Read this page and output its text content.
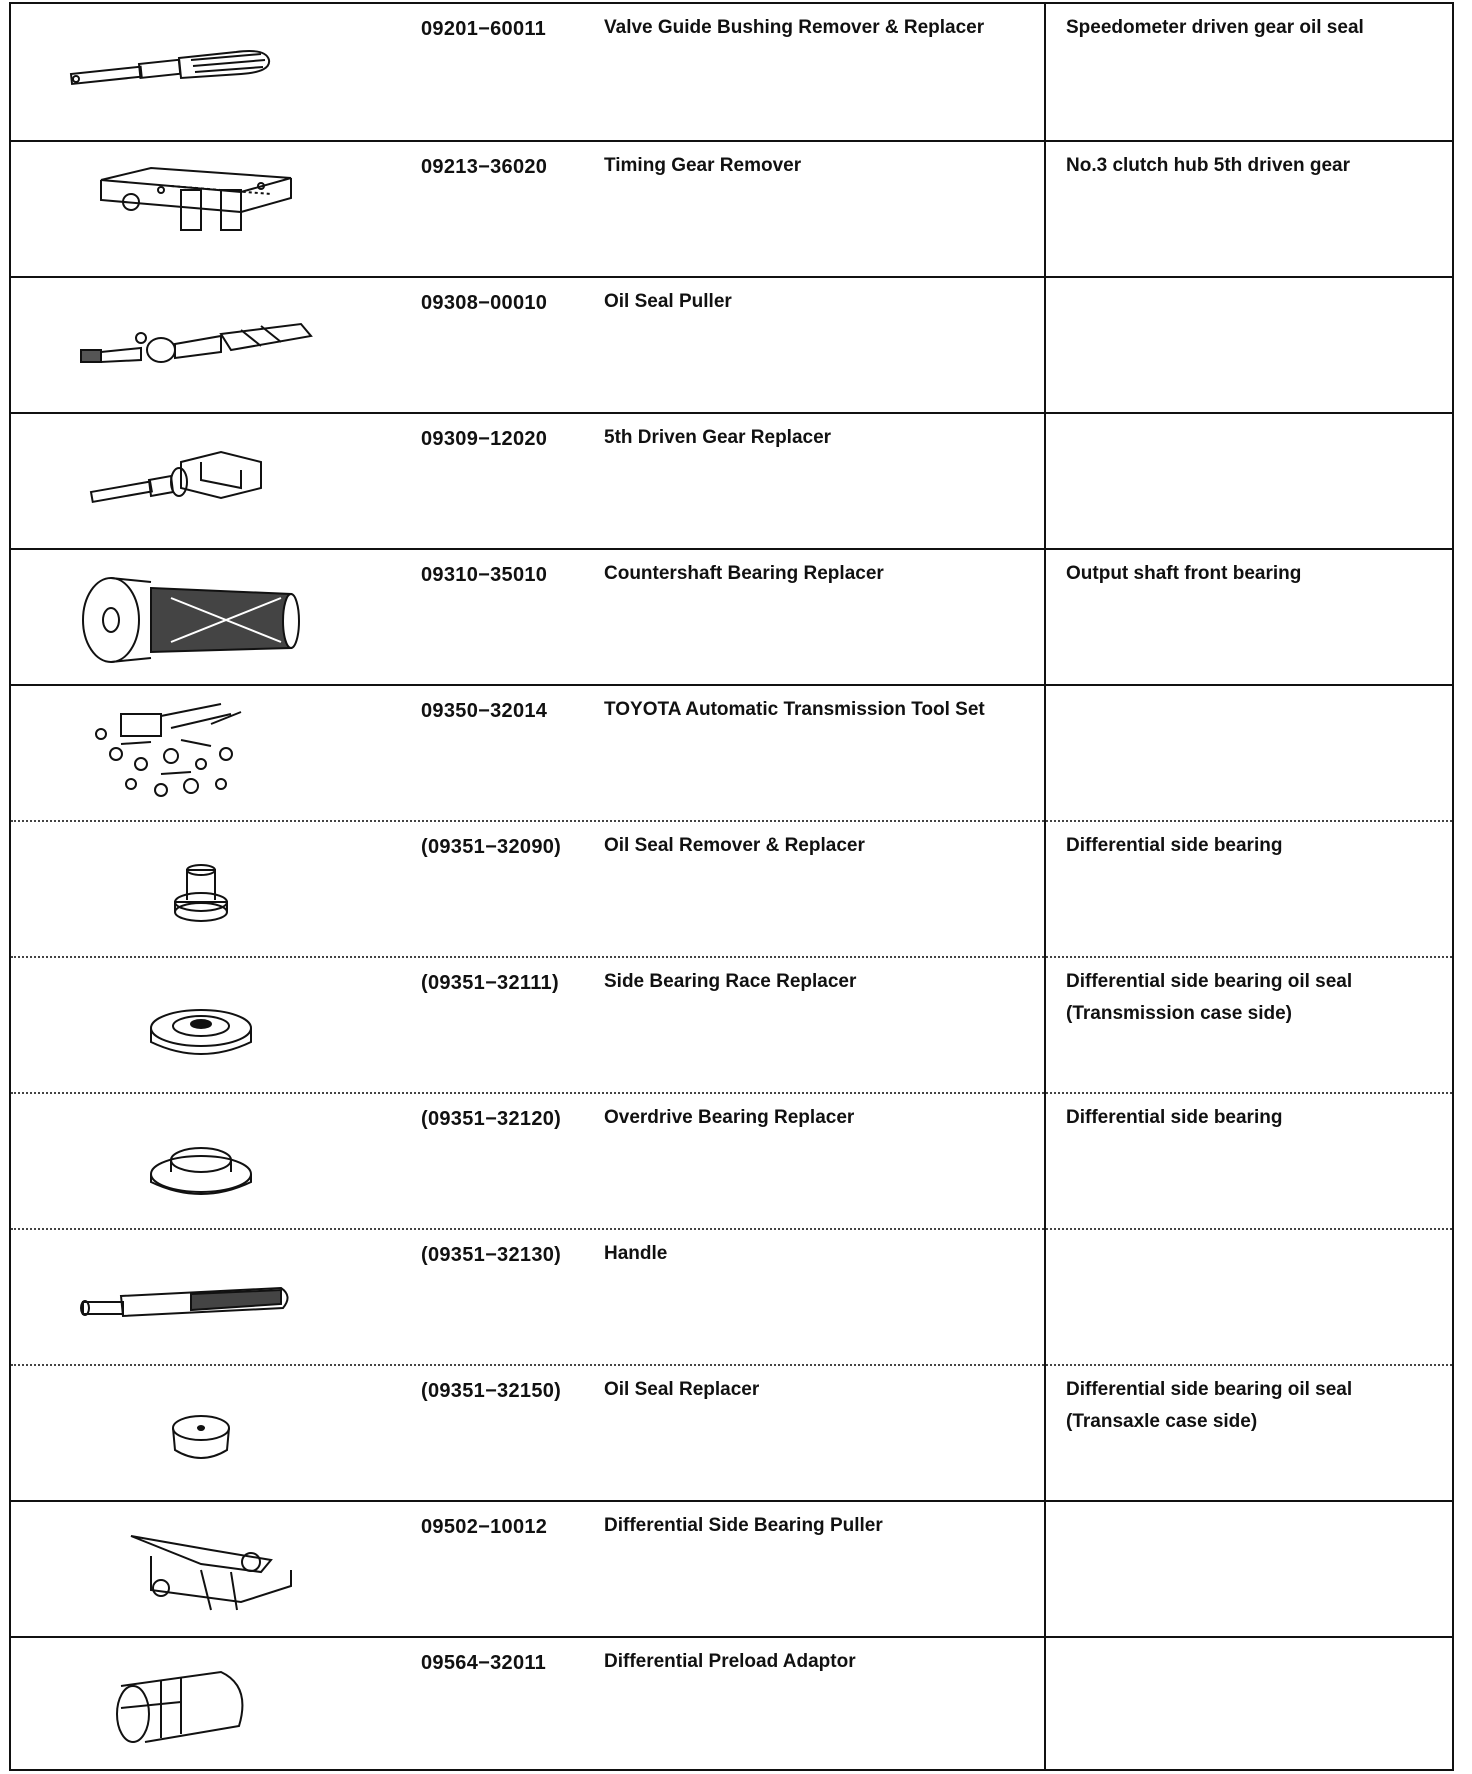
09201−60011	Valve Guide Bushing Remover & Replacer	Speedometer driven gear oil seal
09213−36020	Timing Gear Remover	No.3 clutch hub 5th driven gear
09308−00010	Oil Seal Puller
09309−12020	5th Driven Gear Replacer
09310−35010	Countershaft Bearing Replacer	Output shaft front bearing
09350−32014	TOYOTA Automatic Transmission Tool Set
(09351−32090) Oil Seal Remover & Replacer	Differential side bearing
(09351−32111) Side Bearing Race Replacer	Differential side bearing oil seal (Transmission case side)
(09351−32120) Overdrive Bearing Replacer	Differential side bearing
(09351−32130) Handle
(09351−32150) Oil Seal Replacer	Differential side bearing oil seal (Transaxle case side)
09502−10012	Differential Side Bearing Puller
09564−32011	Differential Preload Adaptor
